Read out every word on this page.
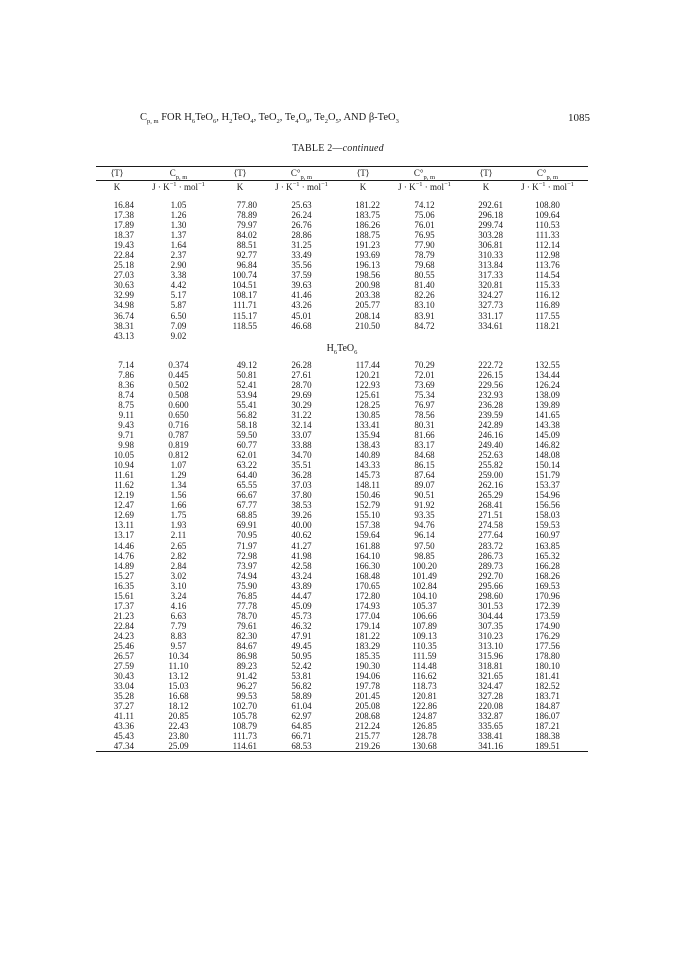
$C_{p, m}$ FOR $H_6TeO_6$, $H_2TeO_4$, TeO$_2$, $Te_4O_9$, $Te_2O_5$, AND β-TeO$_3$	1085
TABLE 2—continued
⟨T⟩	$C_{p, m}$	⟨T⟩	$C^\circ_{p, m}$	⟨T⟩	$C^\circ_{p, m}$	⟨T⟩	$C^\circ_{p, m}$
K	$J \cdot K^{-1} \cdot mol^{-1}$	K	$J \cdot K^{-1} \cdot mol^{-1}$	K	$J \cdot K^{-1} \cdot mol^{-1}$	K	$J \cdot K^{-1} \cdot mol^{-1}$

16.84	1.05	77.80	25.63	181.22	74.12	292.61	108.80
17.38	1.26	78.89	26.24	183.75	75.06	296.18	109.64
17.89	1.30	79.97	26.76	186.26	76.01	299.74	110.53
18.37	1.37	84.02	28.86	188.75	76.95	303.28	111.33
19.43	1.64	88.51	31.25	191.23	77.90	306.81	112.14
22.84	2.37	92.77	33.49	193.69	78.79	310.33	112.98
25.18	2.90	96.84	35.56	196.13	79.68	313.84	113.76
27.03	3.38	100.74	37.59	198.56	80.55	317.33	114.54
30.63	4.42	104.51	39.63	200.98	81.40	320.81	115.33
32.99	5.17	108.17	41.46	203.38	82.26	324.27	116.12
34.98	5.87	111.71	43.26	205.77	83.10	327.73	116.89
36.74	6.50	115.17	45.01	208.14	83.91	331.17	117.55
38.31	7.09	118.55	46.68	210.50	84.72	334.61	118.21
43.13	9.02						
$H_6TeO_6$
7.14	0.374	49.12	26.28	117.44	70.29	222.72	132.55
7.86	0.445	50.81	27.61	120.21	72.01	226.15	134.44
8.36	0.502	52.41	28.70	122.93	73.69	229.56	126.24
8.74	0.508	53.94	29.69	125.61	75.34	232.93	138.09
8.75	0.600	55.41	30.29	128.25	76.97	236.28	139.89
9.11	0.650	56.82	31.22	130.85	78.56	239.59	141.65
9.43	0.716	58.18	32.14	133.41	80.31	242.89	143.38
9.71	0.787	59.50	33.07	135.94	81.66	246.16	145.09
9.98	0.819	60.77	33.88	138.43	83.17	249.40	146.82
10.05	0.812	62.01	34.70	140.89	84.68	252.63	148.08
10.94	1.07	63.22	35.51	143.33	86.15	255.82	150.14
11.61	1.29	64.40	36.28	145.73	87.64	259.00	151.79
11.62	1.34	65.55	37.03	148.11	89.07	262.16	153.37
12.19	1.56	66.67	37.80	150.46	90.51	265.29	154.96
12.47	1.66	67.77	38.53	152.79	91.92	268.41	156.56
12.69	1.75	68.85	39.26	155.10	93.35	271.51	158.03
13.11	1.93	69.91	40.00	157.38	94.76	274.58	159.53
13.17	2.11	70.95	40.62	159.64	96.14	277.64	160.97
14.46	2.65	71.97	41.27	161.88	97.50	283.72	163.85
14.76	2.82	72.98	41.98	164.10	98.85	286.73	165.32
14.89	2.84	73.97	42.58	166.30	100.20	289.73	166.28
15.27	3.02	74.94	43.24	168.48	101.49	292.70	168.26
16.35	3.10	75.90	43.89	170.65	102.84	295.66	169.53
15.61	3.24	76.85	44.47	172.80	104.10	298.60	170.96
17.37	4.16	77.78	45.09	174.93	105.37	301.53	172.39
21.23	6.63	78.70	45.73	177.04	106.66	304.44	173.59
22.84	7.79	79.61	46.32	179.14	107.89	307.35	174.90
24.23	8.83	82.30	47.91	181.22	109.13	310.23	176.29
25.46	9.57	84.67	49.45	183.29	110.35	313.10	177.56
26.57	10.34	86.98	50.95	185.35	111.59	315.96	178.80
27.59	11.10	89.23	52.42	190.30	114.48	318.81	180.10
30.43	13.12	91.42	53.81	194.06	116.62	321.65	181.41
33.04	15.03	96.27	56.82	197.78	118.73	324.47	182.52
35.28	16.68	99.53	58.89	201.45	120.81	327.28	183.71
37.27	18.12	102.70	61.04	205.08	122.86	220.08	184.87
41.11	20.85	105.78	62.97	208.68	124.87	332.87	186.07
43.36	22.43	108.79	64.85	212.24	126.85	335.65	187.21
45.43	23.80	111.73	66.71	215.77	128.78	338.41	188.38
47.34	25.09	114.61	68.53	219.26	130.68	341.16	189.51
